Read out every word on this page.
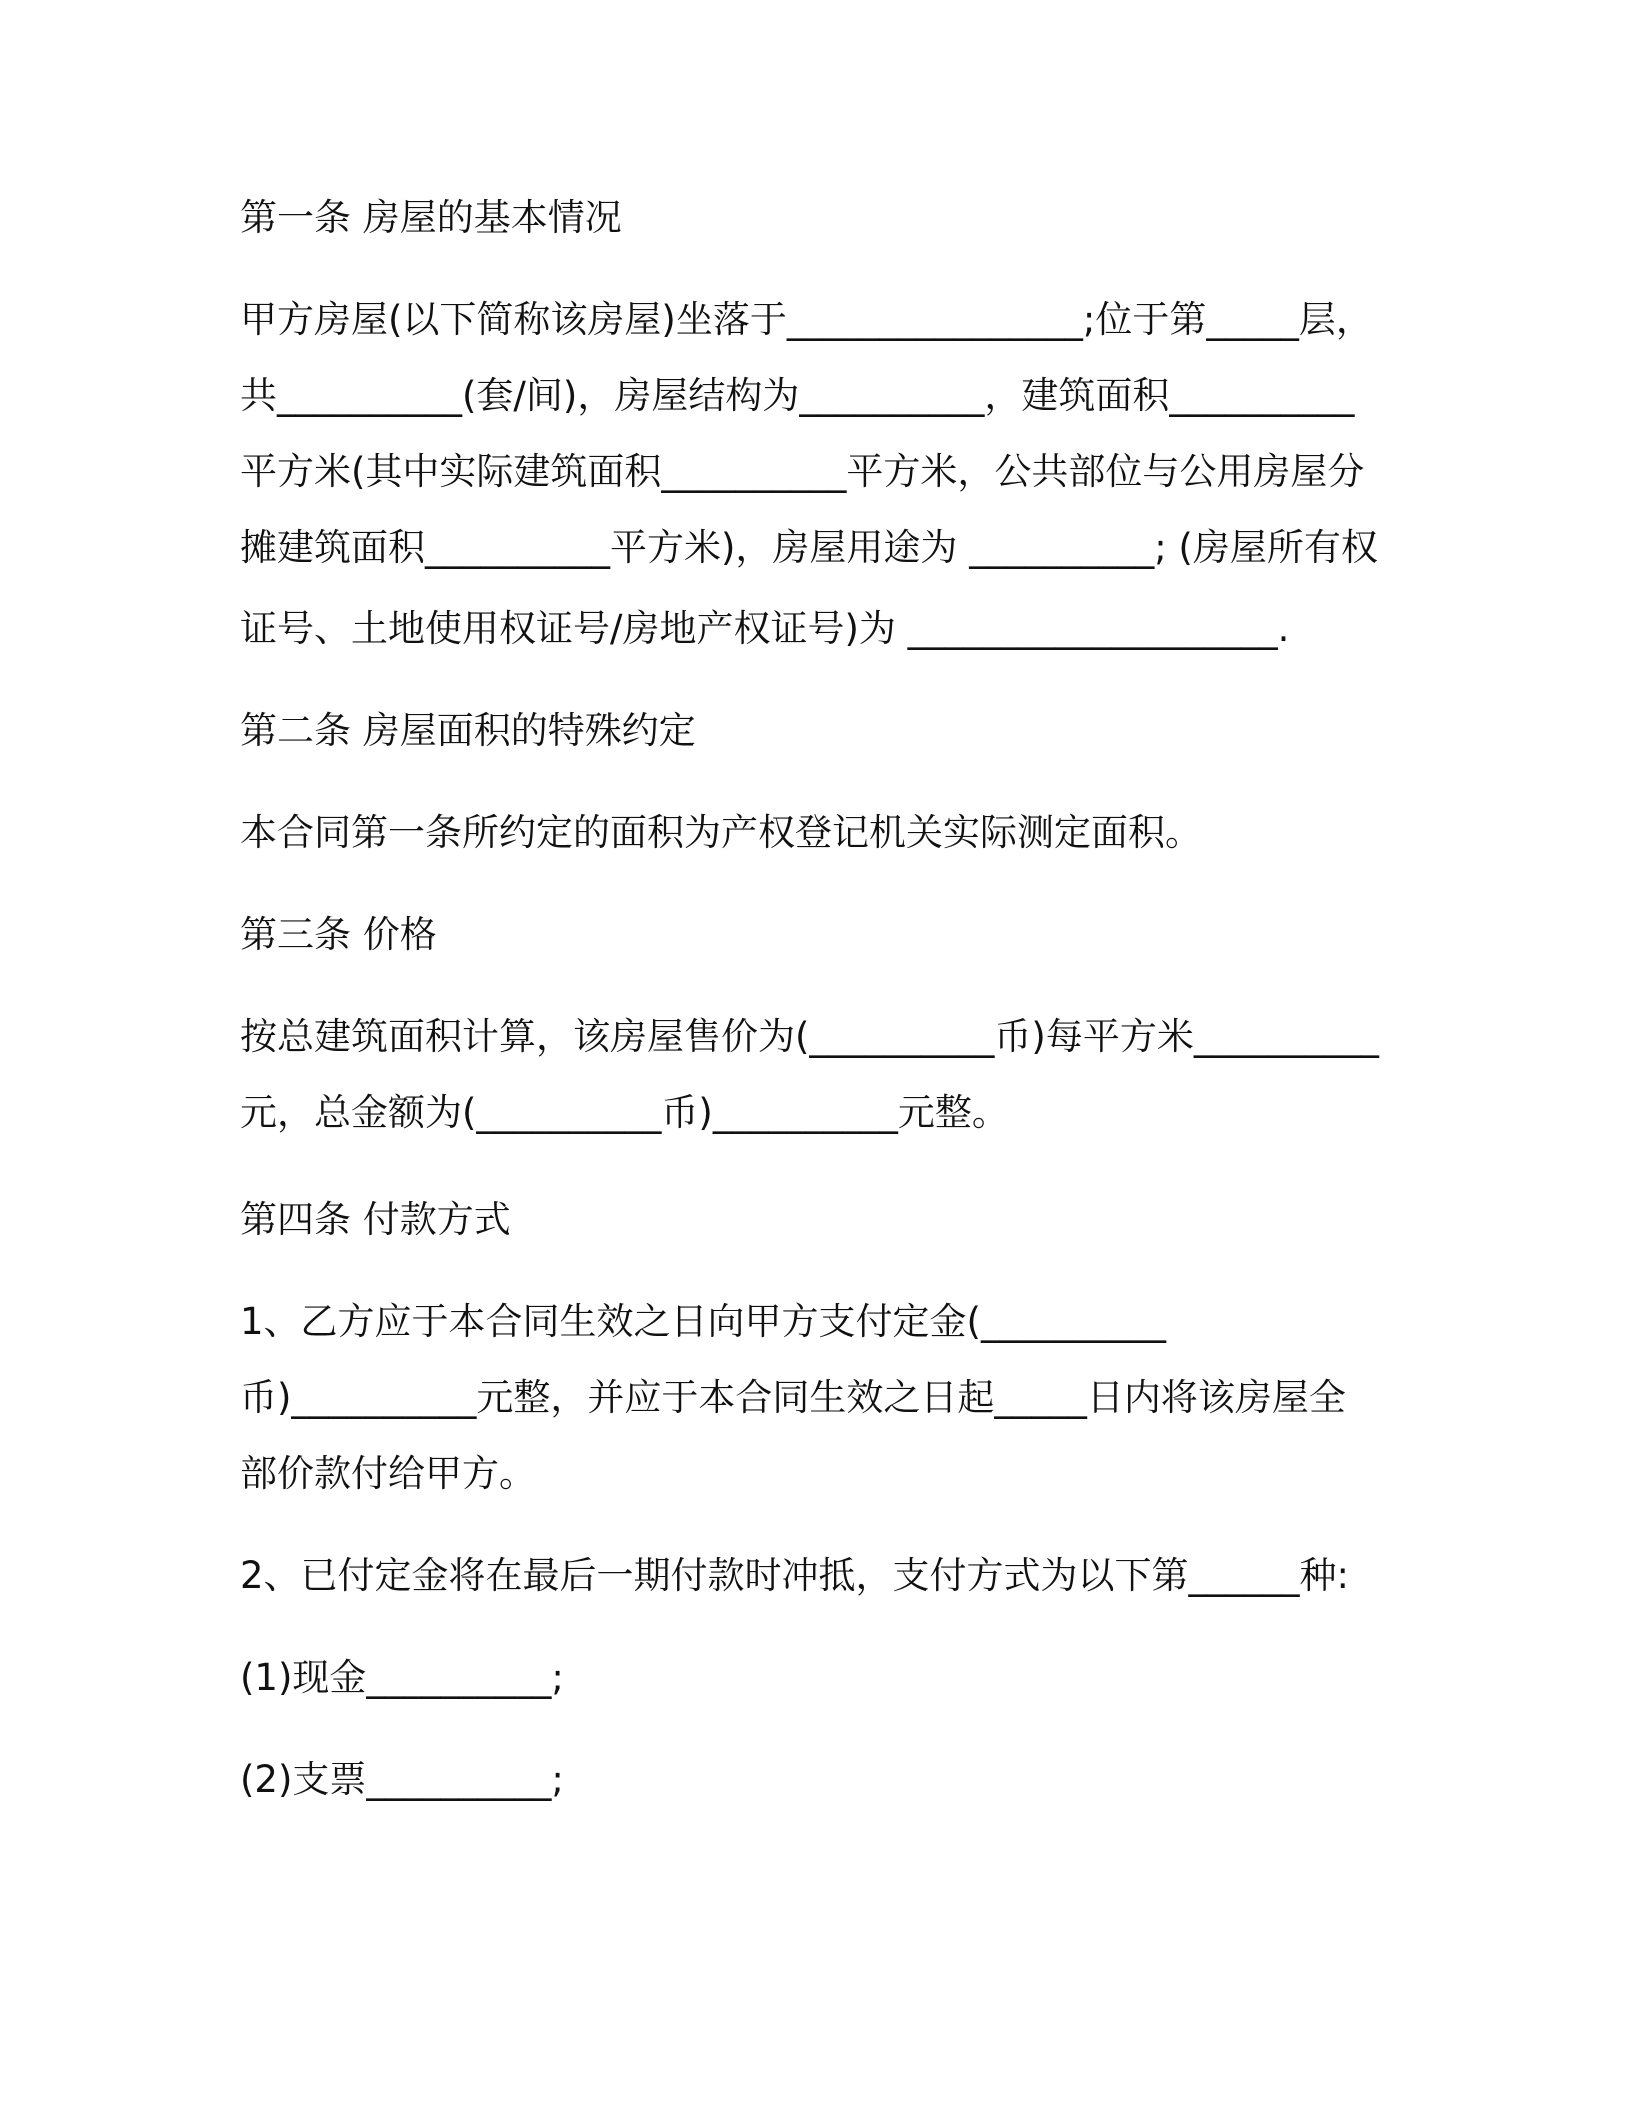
第一条 房屋的基本情况

甲方房屋(以下简称该房屋)坐落于________________;位于第_____层，

共__________(套/间)，房屋结构为__________，建筑面积__________

平方米(其中实际建筑面积__________平方米，公共部位与公用房屋分

摊建筑面积__________平方米)，房屋用途为 __________; (房屋所有权

证号、土地使用权证号/房地产权证号)为 ____________________.

第二条 房屋面积的特殊约定

本合同第一条所约定的面积为产权登记机关实际测定面积。

第三条 价格

按总建筑面积计算，该房屋售价为(__________币)每平方米__________

元，总金额为(__________币)__________元整。

第四条 付款方式

1、乙方应于本合同生效之日向甲方支付定金(__________

币)__________元整，并应于本合同生效之日起_____日内将该房屋全

部价款付给甲方。

2、已付定金将在最后一期付款时冲抵，支付方式为以下第______种:

(1)现金__________;

(2)支票__________;
